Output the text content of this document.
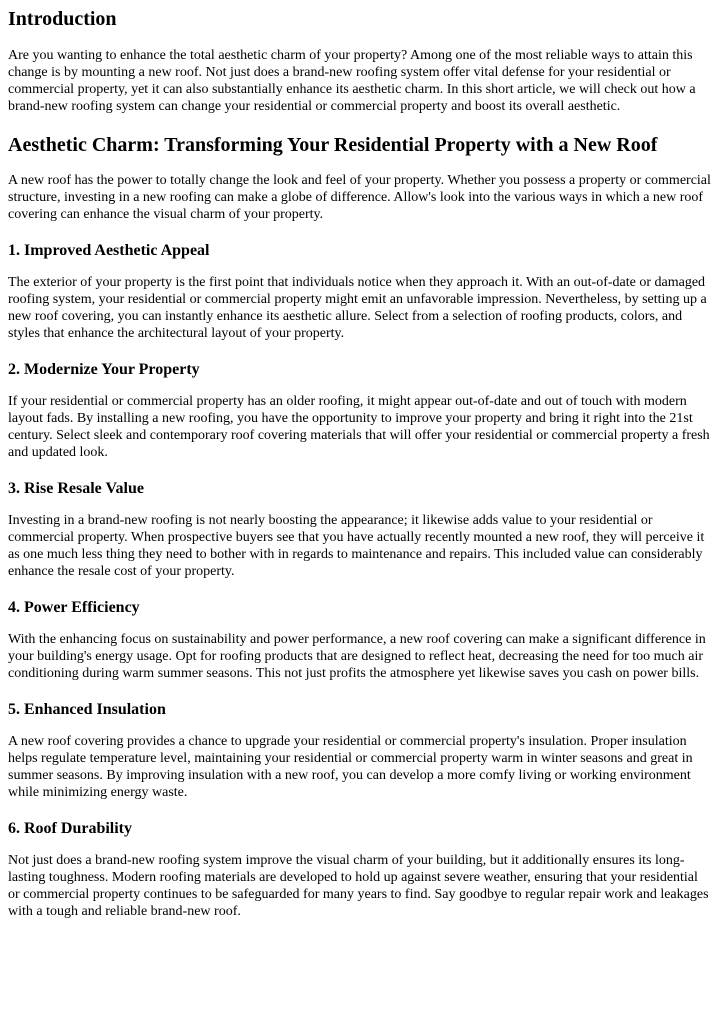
Introduction

Are you wanting to enhance the total aesthetic charm of your property? Among one of the most reliable ways to attain this change is by mounting a new roof. Not just does a brand-new roofing system offer vital defense for your residential or commercial property, yet it can also substantially enhance its aesthetic charm. In this short article, we will check out how a brand-new roofing system can change your residential or commercial property and boost its overall aesthetic.

Aesthetic Charm: Transforming Your Residential Property with a New Roof

A new roof has the power to totally change the look and feel of your property. Whether you possess a property or commercial structure, investing in a new roofing can make a globe of difference. Allow's look into the various ways in which a new roof covering can enhance the visual charm of your property.

1. Improved Aesthetic Appeal

The exterior of your property is the first point that individuals notice when they approach it. With an out-of-date or damaged roofing system, your residential or commercial property might emit an unfavorable impression. Nevertheless, by setting up a new roof covering, you can instantly enhance its aesthetic allure. Select from a selection of roofing products, colors, and styles that enhance the architectural layout of your property.

2. Modernize Your Property

If your residential or commercial property has an older roofing, it might appear out-of-date and out of touch with modern layout fads. By installing a new roofing, you have the opportunity to improve your property and bring it right into the 21st century. Select sleek and contemporary roof covering materials that will offer your residential or commercial property a fresh and updated look.

3. Rise Resale Value

Investing in a brand-new roofing is not nearly boosting the appearance; it likewise adds value to your residential or commercial property. When prospective buyers see that you have actually recently mounted a new roof, they will perceive it as one much less thing they need to bother with in regards to maintenance and repairs. This included value can considerably enhance the resale cost of your property.

4. Power Efficiency

With the enhancing focus on sustainability and power performance, a new roof covering can make a significant difference in your building's energy usage. Opt for roofing products that are designed to reflect heat, decreasing the need for too much air conditioning during warm summer seasons. This not just profits the atmosphere yet likewise saves you cash on power bills.

5. Enhanced Insulation

A new roof covering provides a chance to upgrade your residential or commercial property's insulation. Proper insulation helps regulate temperature level, maintaining your residential or commercial property warm in winter seasons and great in summer seasons. By improving insulation with a new roof, you can develop a more comfy living or working environment while minimizing energy waste.

6. Roof Durability

Not just does a brand-new roofing system improve the visual charm of your building, but it additionally ensures its long-lasting toughness. Modern roofing materials are developed to hold up against severe weather, ensuring that your residential or commercial property continues to be safeguarded for many years to find. Say goodbye to regular repair work and leakages with a tough and reliable brand-new roof.
